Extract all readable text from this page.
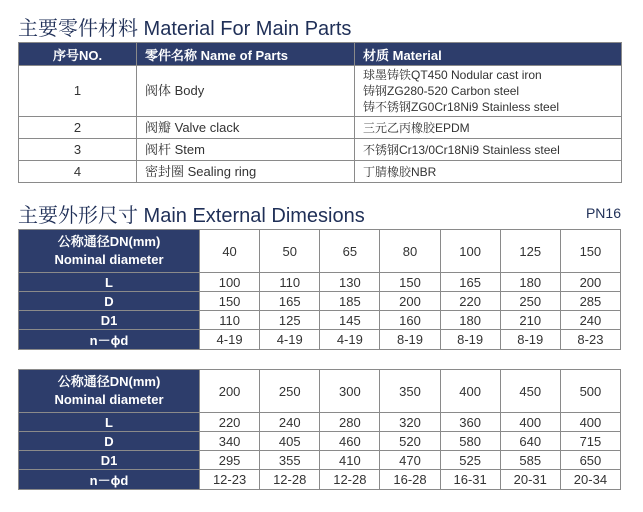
主要零件材料 Material For Main Parts
序号NO.	零件名称 Name of Parts	材质 Material
1	阀体 Body	球墨铸铁QT450 Nodular cast iron
铸钢ZG280-520 Carbon steel
铸不锈钢ZG0Cr18Ni9 Stainless steel

2	阀瓣 Valve clack	三元乙丙橡胶EPDM

3	阀杆 Stem	不锈钢Cr13/0Cr18Ni9 Stainless steel

4	密封圈 Sealing ring	丁腈橡胶NBR
主要外形尺寸 Main External Dimesions	PN16
公称通径DN(mm)
Nominal diameter	40	50	65	80	100	125	150
L	100	110	130	150	165	180	200
D	150	165	185	200	220	250	285
D1	110	125	145	160	180	210	240
n－ϕd	4-19	4-19	4-19	8-19	8-19	8-19	8-23
公称通径DN(mm)
Nominal diameter	200	250	300	350	400	450	500
L	220	240	280	320	360	400	400
D	340	405	460	520	580	640	715
D1	295	355	410	470	525	585	650
n－ϕd	12-23	12-28	12-28	16-28	16-31	20-31	20-34
